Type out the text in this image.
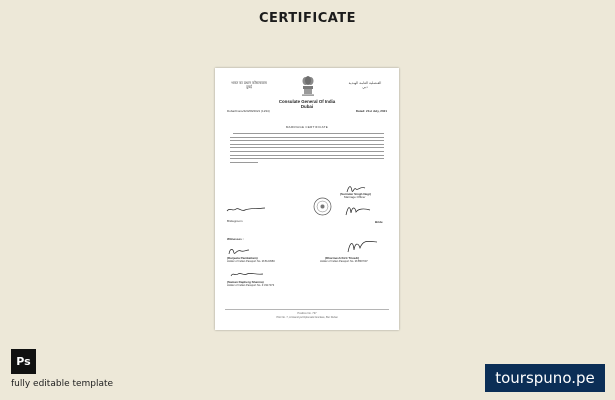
CERTIFICATE
भारत का प्रधान कोंसलावास
दुबई
القنصلية العامة الهندية
دبي
Consulate General Of India
Dubai
Dubai/Cons/424/09/2021 (1234)	Dated: 21st July, 2021
MARRIAGE CERTIFICATE
(Surinder Singh Negi)
Marriage Officer
Bride
Bridegroom
Witnesses :
(Darjeeta Panikattam)
Holder of Indian Passport No. M 8123983
(Dharmesh Kirti Trivedi)
Holder of Indian Passport No. M 8807007
(Saman Dapherg Sharma)
Holder of Indian Passport No. Z 3317373
Postbox No. 737
Plot No. 7, Al Hamriya Diplomatic Enclave, Bur Dubai
Ps
fully editable template	tourspuno.pe
